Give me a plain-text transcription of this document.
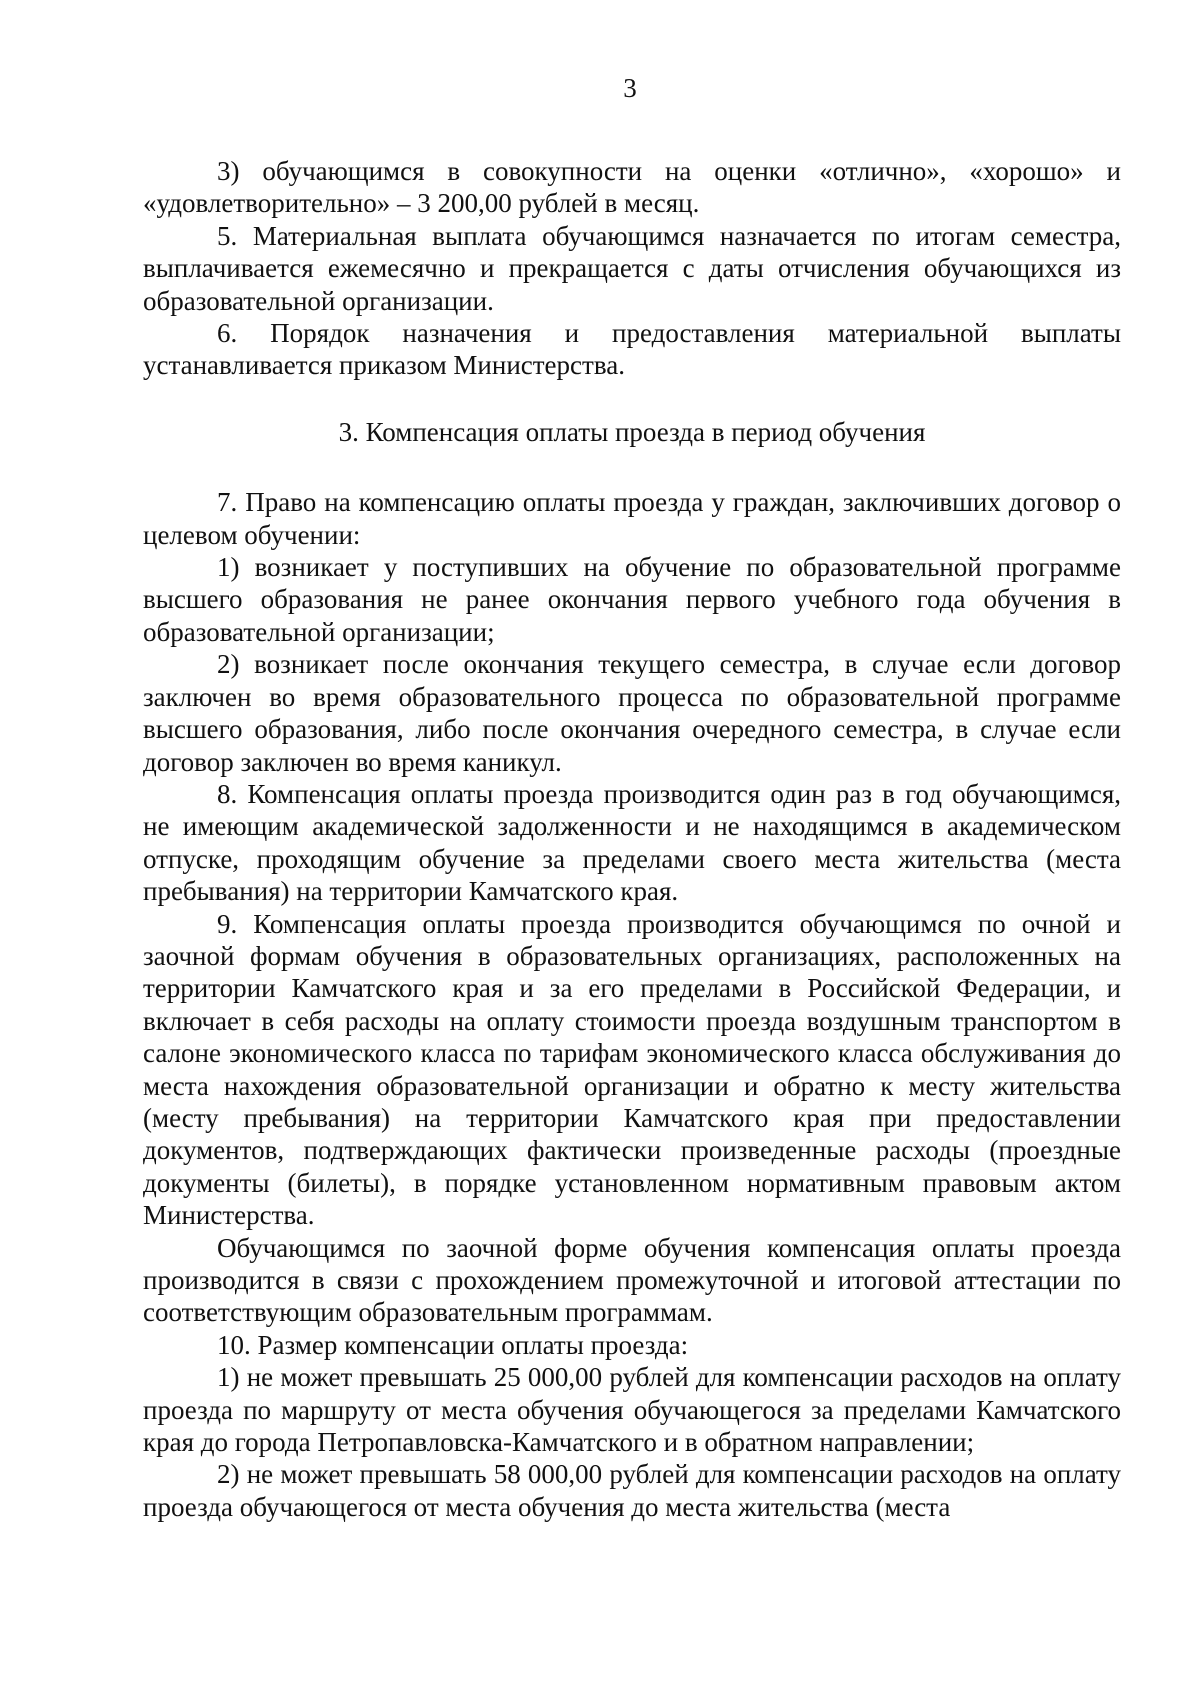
3

3) обучающимся в совокупности на оценки «отлично», «хорошо» и «удовлетворительно» – 3 200,00 рублей в месяц.

5. Материальная выплата обучающимся назначается по итогам семестра, выплачивается ежемесячно и прекращается с даты отчисления обучающихся из образовательной организации.

6. Порядок назначения и предоставления материальной выплаты устанавливается приказом Министерства.

3. Компенсация оплаты проезда в период обучения

7. Право на компенсацию оплаты проезда у граждан, заключивших договор о целевом обучении:

1) возникает у поступивших на обучение по образовательной программе высшего образования не ранее окончания первого учебного года обучения в образовательной организации;

2) возникает после окончания текущего семестра, в случае если договор заключен во время образовательного процесса по образовательной программе высшего образования, либо после окончания очередного семестра, в случае если договор заключен во время каникул.

8. Компенсация оплаты проезда производится один раз в год обучающимся, не имеющим академической задолженности и не находящимся в академическом отпуске, проходящим обучение за пределами своего места жительства (места пребывания) на территории Камчатского края.

9. Компенсация оплаты проезда производится обучающимся по очной и заочной формам обучения в образовательных организациях, расположенных на территории Камчатского края и за его пределами в Российской Федерации, и включает в себя расходы на оплату стоимости проезда воздушным транспортом в салоне экономического класса по тарифам экономического класса обслуживания до места нахождения образовательной организации и обратно к месту жительства (месту пребывания) на территории Камчатского края при предоставлении документов, подтверждающих фактически произведенные расходы (проездные документы (билеты), в порядке установленном нормативным правовым актом Министерства.

Обучающимся по заочной форме обучения компенсация оплаты проезда производится в связи с прохождением промежуточной и итоговой аттестации по соответствующим образовательным программам.

10. Размер компенсации оплаты проезда:

1) не может превышать 25 000,00 рублей для компенсации расходов на оплату проезда по маршруту от места обучения обучающегося за пределами Камчатского края до города Петропавловска-Камчатского и в обратном направлении;

2) не может превышать 58 000,00 рублей для компенсации расходов на оплату проезда обучающегося от места обучения до места жительства (места
